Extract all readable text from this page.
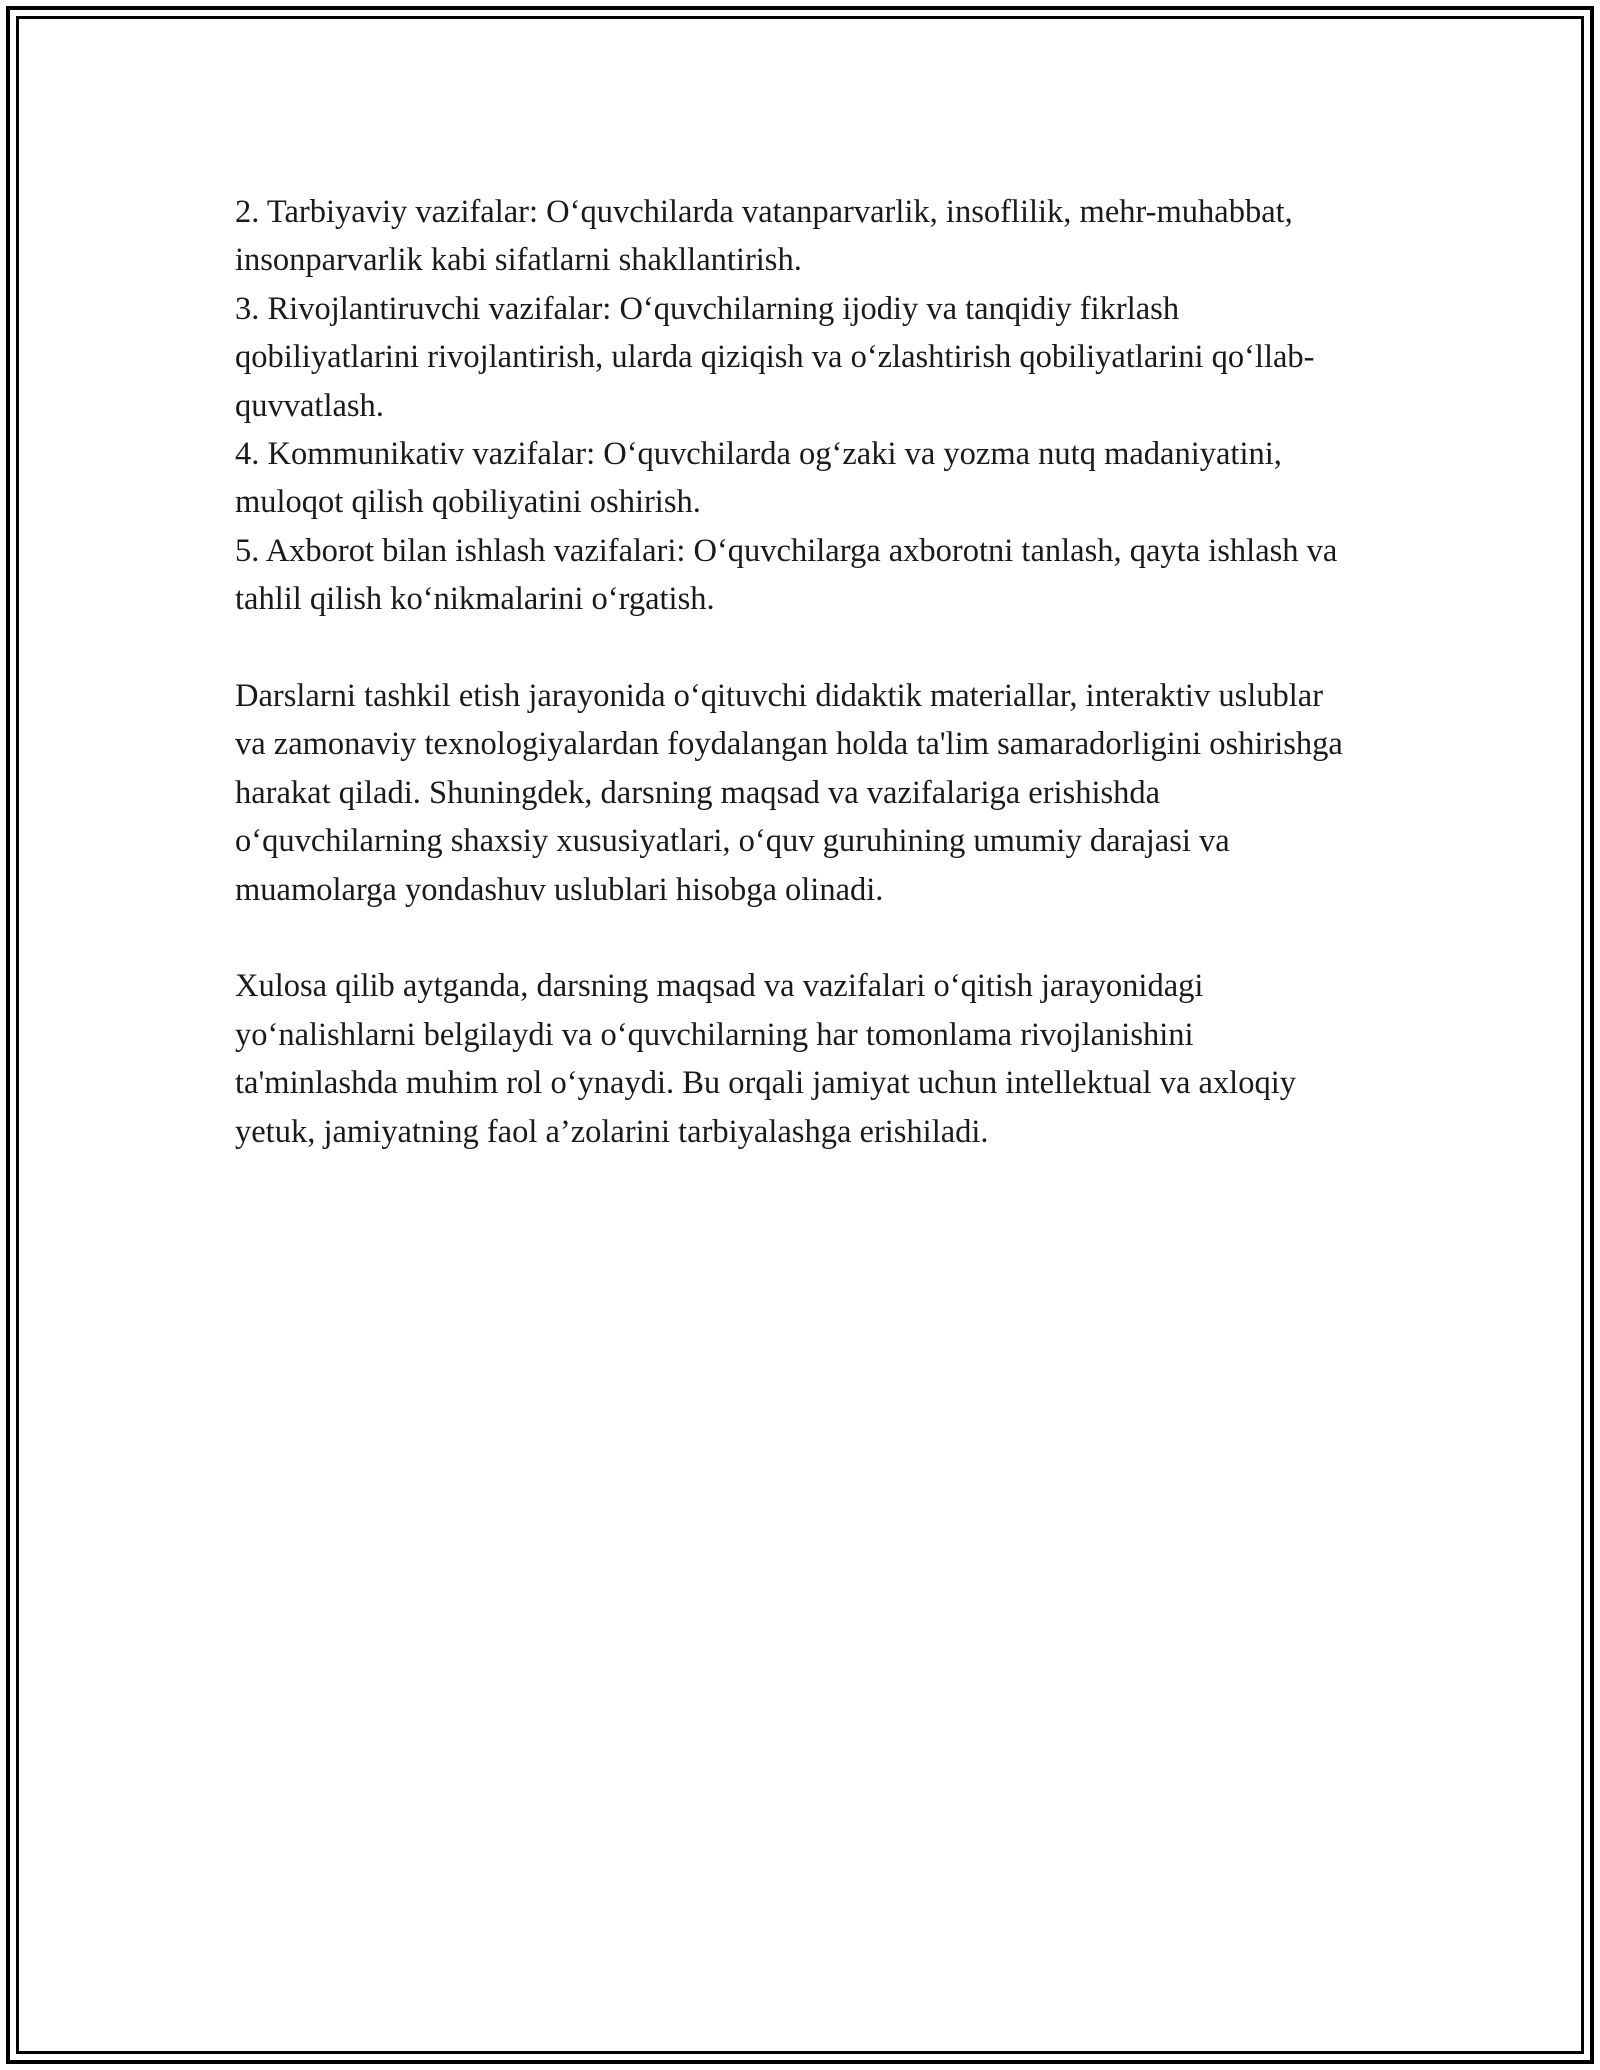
2. Tarbiyaviy vazifalar: O‘quvchilarda vatanparvarlik, insoflilik, mehr-muhabbat, insonparvarlik kabi sifatlarni shakllantirish.

3. Rivojlantiruvchi vazifalar: O‘quvchilarning ijodiy va tanqidiy fikrlash qobiliyatlarini rivojlantirish, ularda qiziqish va o‘zlashtirish qobiliyatlarini qo‘llab-quvvatlash.

4. Kommunikativ vazifalar: O‘quvchilarda og‘zaki va yozma nutq madaniyatini, muloqot qilish qobiliyatini oshirish.

5. Axborot bilan ishlash vazifalari: O‘quvchilarga axborotni tanlash, qayta ishlash va tahlil qilish ko‘nikmalarini o‘rgatish.

Darslarni tashkil etish jarayonida o‘qituvchi didaktik materiallar, interaktiv uslublar va zamonaviy texnologiyalardan foydalangan holda ta'lim samaradorligini oshirishga harakat qiladi. Shuningdek, darsning maqsad va vazifalariga erishishda o‘quvchilarning shaxsiy xususiyatlari, o‘quv guruhining umumiy darajasi va muamolarga yondashuv uslublari hisobga olinadi.

Xulosa qilib aytganda, darsning maqsad va vazifalari o‘qitish jarayonidagi yo‘nalishlarni belgilaydi va o‘quvchilarning har tomonlama rivojlanishini ta'minlashda muhim rol o‘ynaydi. Bu orqali jamiyat uchun intellektual va axloqiy yetuk, jamiyatning faol a’zolarini tarbiyalashga erishiladi.
